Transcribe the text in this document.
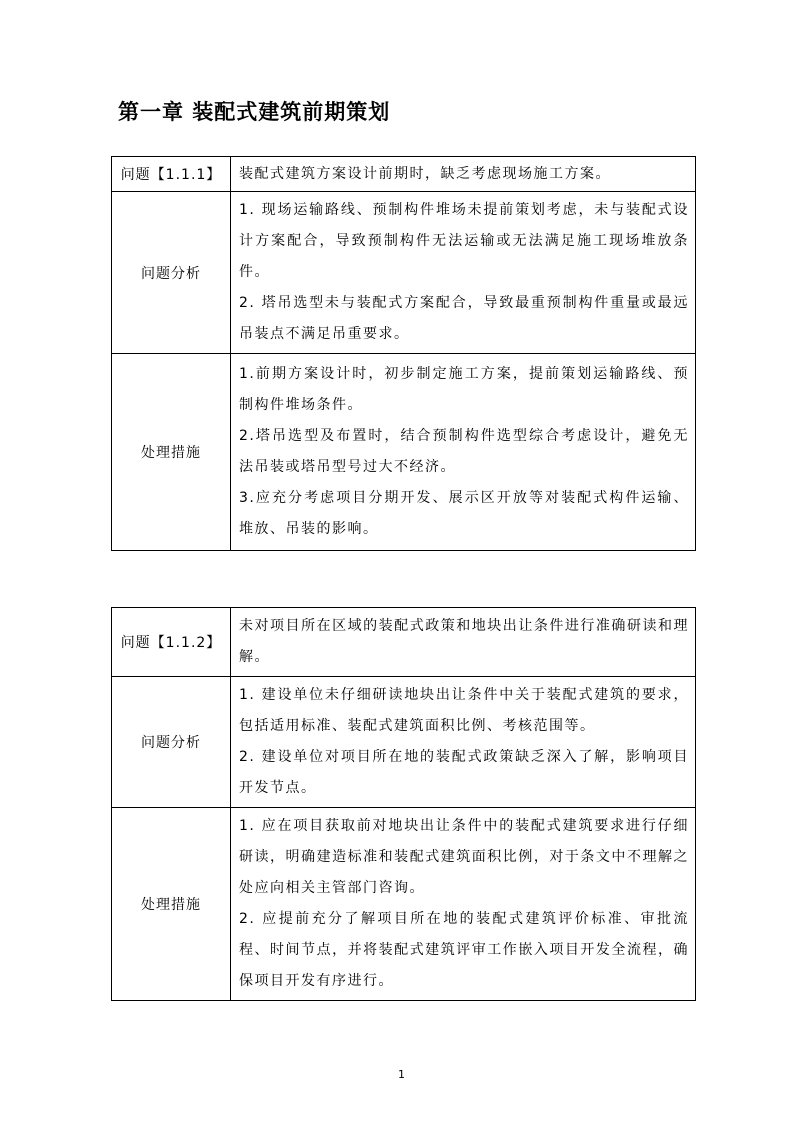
第一章 装配式建筑前期策划
问题【1.1.1】	装配式建筑方案设计前期时，缺乏考虑现场施工方案。

问题分析	1. 现场运输路线、预制构件堆场未提前策划考虑，未与装配式设计方案配合，导致预制构件无法运输或无法满足施工现场堆放条件。

2. 塔吊选型未与装配式方案配合，导致最重预制构件重量或最远吊装点不满足吊重要求。

处理措施	1.前期方案设计时，初步制定施工方案，提前策划运输路线、预制构件堆场条件。

2.塔吊选型及布置时，结合预制构件选型综合考虑设计，避免无法吊装或塔吊型号过大不经济。

3.应充分考虑项目分期开发、展示区开放等对装配式构件运输、堆放、吊装的影响。

问题【1.1.2】	未对项目所在区域的装配式政策和地块出让条件进行准确研读和理解。

问题分析	1. 建设单位未仔细研读地块出让条件中关于装配式建筑的要求，包括适用标准、装配式建筑面积比例、考核范围等。

2. 建设单位对项目所在地的装配式政策缺乏深入了解，影响项目开发节点。

处理措施	1. 应在项目获取前对地块出让条件中的装配式建筑要求进行仔细研读，明确建造标准和装配式建筑面积比例，对于条文中不理解之处应向相关主管部门咨询。

2. 应提前充分了解项目所在地的装配式建筑评价标准、审批流程、时间节点，并将装配式建筑评审工作嵌入项目开发全流程，确保项目开发有序进行。

1
